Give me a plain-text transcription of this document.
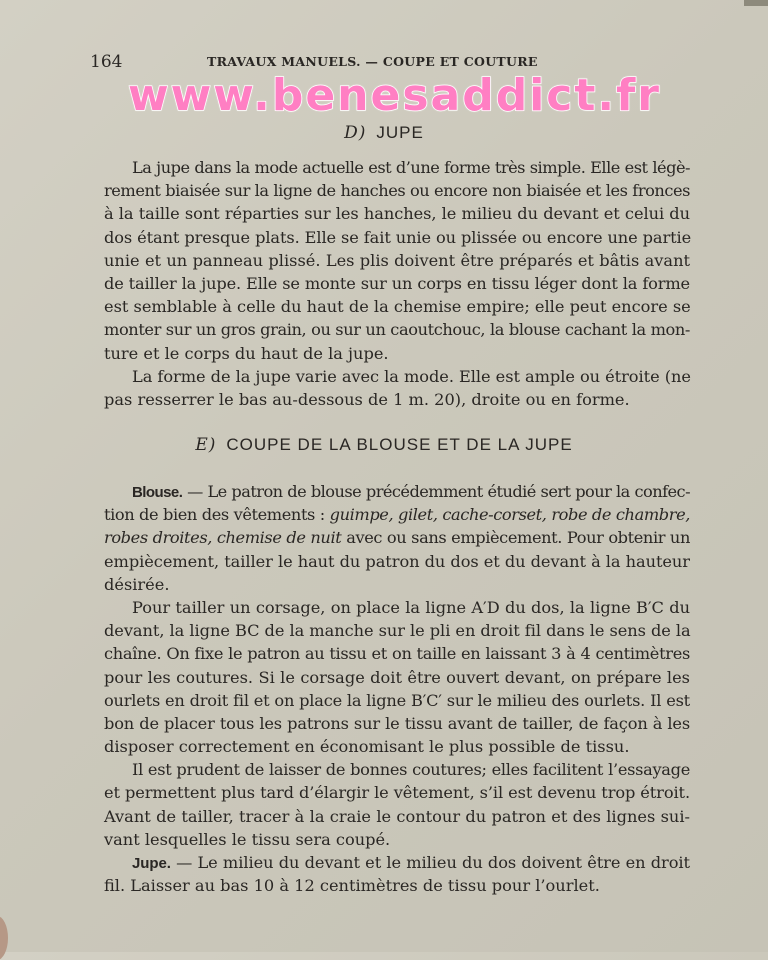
164	TRAVAUX MANUELS. — COUPE ET COUTURE
www.benesaddict.fr
D) JUPE
La jupe dans la mode actuelle est d’une forme très simple. Elle est légè-
rement biaisée sur la ligne de hanches ou encore non biaisée et les fronces
à la taille sont réparties sur les hanches, le milieu du devant et celui du
dos étant presque plats. Elle se fait unie ou plissée ou encore une partie
unie et un panneau plissé. Les plis doivent être préparés et bâtis avant
de tailler la jupe. Elle se monte sur un corps en tissu léger dont la forme
est semblable à celle du haut de la chemise empire; elle peut encore se
monter sur un gros grain, ou sur un caoutchouc, la blouse cachant la mon-
ture et le corps du haut de la jupe.
La forme de la jupe varie avec la mode. Elle est ample ou étroite (ne
pas resserrer le bas au-dessous de 1 m. 20), droite ou en forme.
E) COUPE DE LA BLOUSE ET DE LA JUPE
Blouse. — Le patron de blouse précédemment étudié sert pour la confec-
tion de bien des vêtements : guimpe, gilet, cache-corset, robe de chambre,
robes droites, chemise de nuit avec ou sans empiècement. Pour obtenir un
empiècement, tailler le haut du patron du dos et du devant à la hauteur
désirée.
Pour tailler un corsage, on place la ligne A′D du dos, la ligne B′C du
devant, la ligne BC de la manche sur le pli en droit fil dans le sens de la
chaîne. On fixe le patron au tissu et on taille en laissant 3 à 4 centimètres
pour les coutures. Si le corsage doit être ouvert devant, on prépare les
ourlets en droit fil et on place la ligne B′C′ sur le milieu des ourlets. Il est
bon de placer tous les patrons sur le tissu avant de tailler, de façon à les
disposer correctement en économisant le plus possible de tissu.
Il est prudent de laisser de bonnes coutures; elles facilitent l’essayage
et permettent plus tard d’élargir le vêtement, s’il est devenu trop étroit.
Avant de tailler, tracer à la craie le contour du patron et des lignes sui-
vant lesquelles le tissu sera coupé.
Jupe. — Le milieu du devant et le milieu du dos doivent être en droit
fil. Laisser au bas 10 à 12 centimètres de tissu pour l’ourlet.
